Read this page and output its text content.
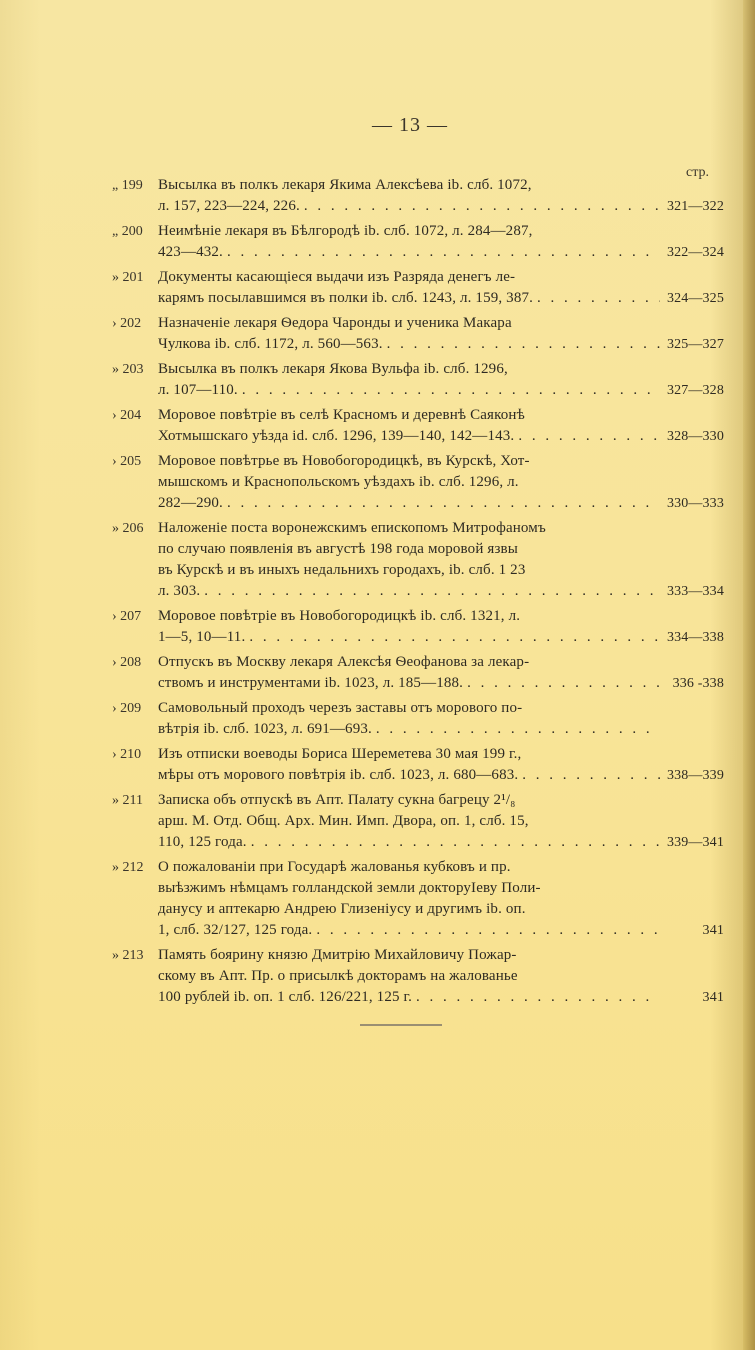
— 13 —
стр.
„ 199	Высылка въ полкъ лекаря Якима Алексѣева ib. слб. 1072,
л. 157, 223—224, 226. . . .	321—322
„ 200	Неимѣніе лекаря въ Бѣлгородѣ ib. слб. 1072, л. 284—287,
423—432. . . .	322—324
» 201 Документы касающіеся выдачи изъ Разряда денегъ ле-
карямъ посылавшимся въ полки ib. слб. 1243, л. 159, 387. . . .	324—325
› 202	Назначеніе лекаря Ѳедора Чаронды и ученика Макара
Чулкова ib. слб. 1172, л. 560—563. . . .	325—327
» 203 Высылка въ полкъ лекаря Якова Вульфа ib. слб. 1296,
л. 107—110. . . .	327—328
› 204	Моровое повѣтріе въ селѣ Красномъ и деревнѣ Саяконѣ
Хотмышскаго уѣзда id. слб. 1296, 139—140, 142—143. . . .	328—330
› 205	Моровое повѣтрье въ Новобогородицкѣ, въ Курскѣ, Хот-
мышскомъ и Краснопольскомъ уѣздахъ ib. слб. 1296, л.
282—290. . . .	330—333
» 206 Наложеніе поста воронежскимъ епископомъ Митрофаномъ
по случаю появленія въ августѣ 198 года моровой язвы
въ Курскѣ и въ иныхъ недальнихъ городахъ, ib. слб. 1 23
л. 303. . . .	333—334
› 207	Моровое повѣтріе въ Новобогородицкѣ ib. слб. 1321, л.
1—5, 10—11. . . .	334—338
› 208	Отпускъ въ Москву лекаря Алексѣя Ѳеофанова за лекар-
ствомъ и инструментами ib. 1023, л. 185—188. . . .	336 -338
› 209	Самовольный проходъ черезъ заставы отъ морового по-
вѣтрія ib. слб. 1023, л. 691—693.
. . .
› 210	Изъ отписки воеводы Бориса Шереметева 30 мая 199 г.,
мѣры отъ морового повѣтрія ib. слб. 1023, л. 680—683. . . .	338—339
» 211	Записка объ отпускѣ въ Апт. Палату сукна багрецу 2¹/₈
арш. М. Отд. Общ. Арх. Мин. Имп. Двора, оп. 1, слб. 15,
110, 125 года. . . .	339—341
» 212 О пожалованіи при Государѣ жалованья кубковъ и пр.
выѣзжимъ нѣмцамъ голландской земли докторуІеву Поли-
данусу и аптекарю Андрею Глизеніусу и другимъ ib. оп.
1, слб. 32/127, 125 года. . . .	341
» 213 Память боярину князю Дмитрію Михайловичу Пожар-
скому въ Апт. Пр. о присылкѣ докторамъ на жалованье
100 рублей ib. оп. 1 слб. 126/221, 125 г. . . .	341
